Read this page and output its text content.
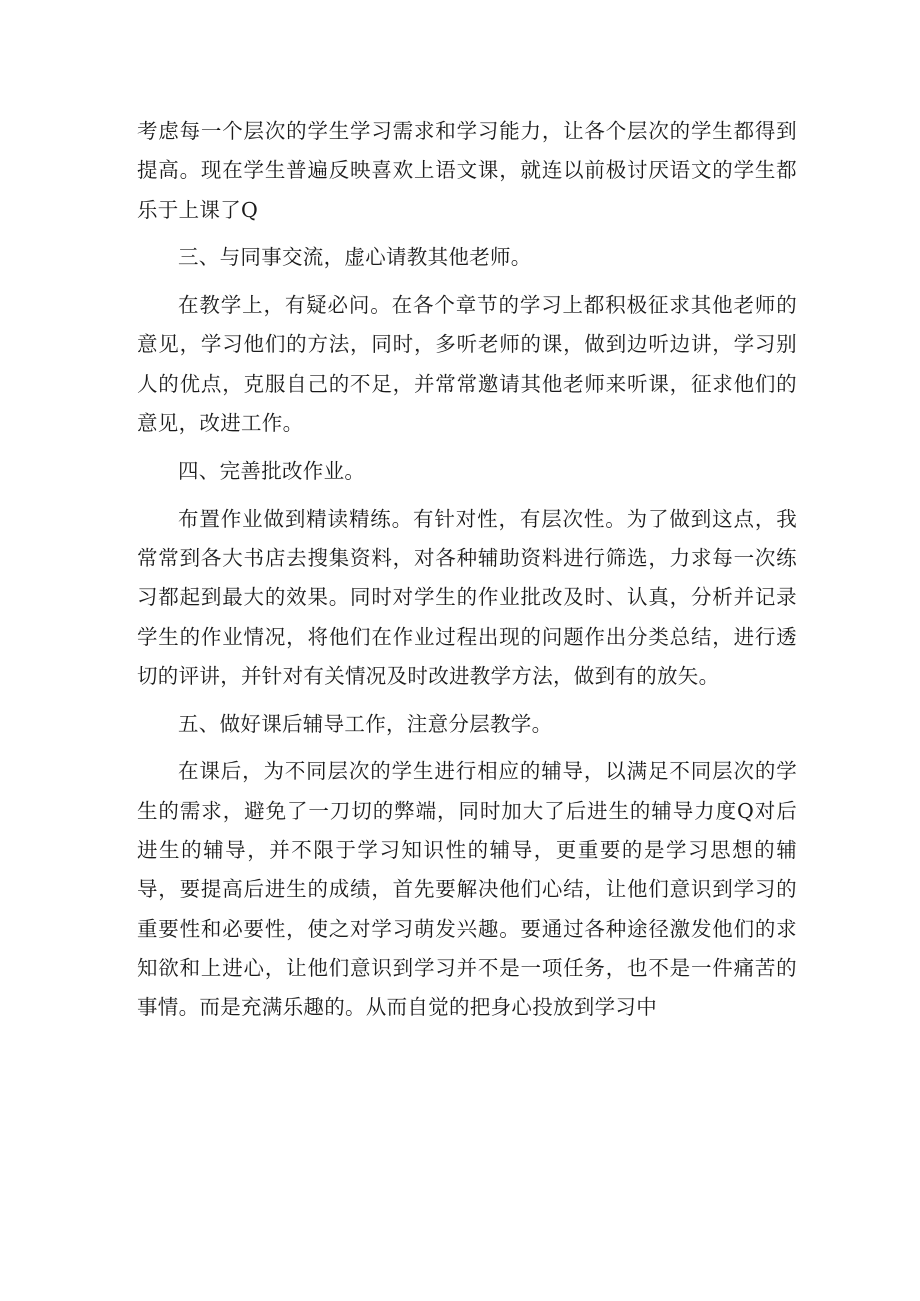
考虑每一个层次的学生学习需求和学习能力，让各个层次的学生都得到提高。现在学生普遍反映喜欢上语文课，就连以前极讨厌语文的学生都乐于上课了Q

三、与同事交流，虚心请教其他老师。

在教学上，有疑必问。在各个章节的学习上都积极征求其他老师的意见，学习他们的方法，同时，多听老师的课，做到边听边讲，学习别人的优点，克服自己的不足，并常常邀请其他老师来听课，征求他们的意见，改进工作。

四、完善批改作业。

布置作业做到精读精练。有针对性，有层次性。为了做到这点，我常常到各大书店去搜集资料，对各种辅助资料进行筛选，力求每一次练习都起到最大的效果。同时对学生的作业批改及时、认真，分析并记录学生的作业情况，将他们在作业过程出现的问题作出分类总结，进行透切的评讲，并针对有关情况及时改进教学方法，做到有的放矢。

五、做好课后辅导工作，注意分层教学。

在课后，为不同层次的学生进行相应的辅导，以满足不同层次的学生的需求，避免了一刀切的弊端，同时加大了后进生的辅导力度Q对后进生的辅导，并不限于学习知识性的辅导，更重要的是学习思想的辅导，要提高后进生的成绩，首先要解决他们心结，让他们意识到学习的重要性和必要性，使之对学习萌发兴趣。要通过各种途径激发他们的求知欲和上进心，让他们意识到学习并不是一项任务，也不是一件痛苦的事情。而是充满乐趣的。从而自觉的把身心投放到学习中
